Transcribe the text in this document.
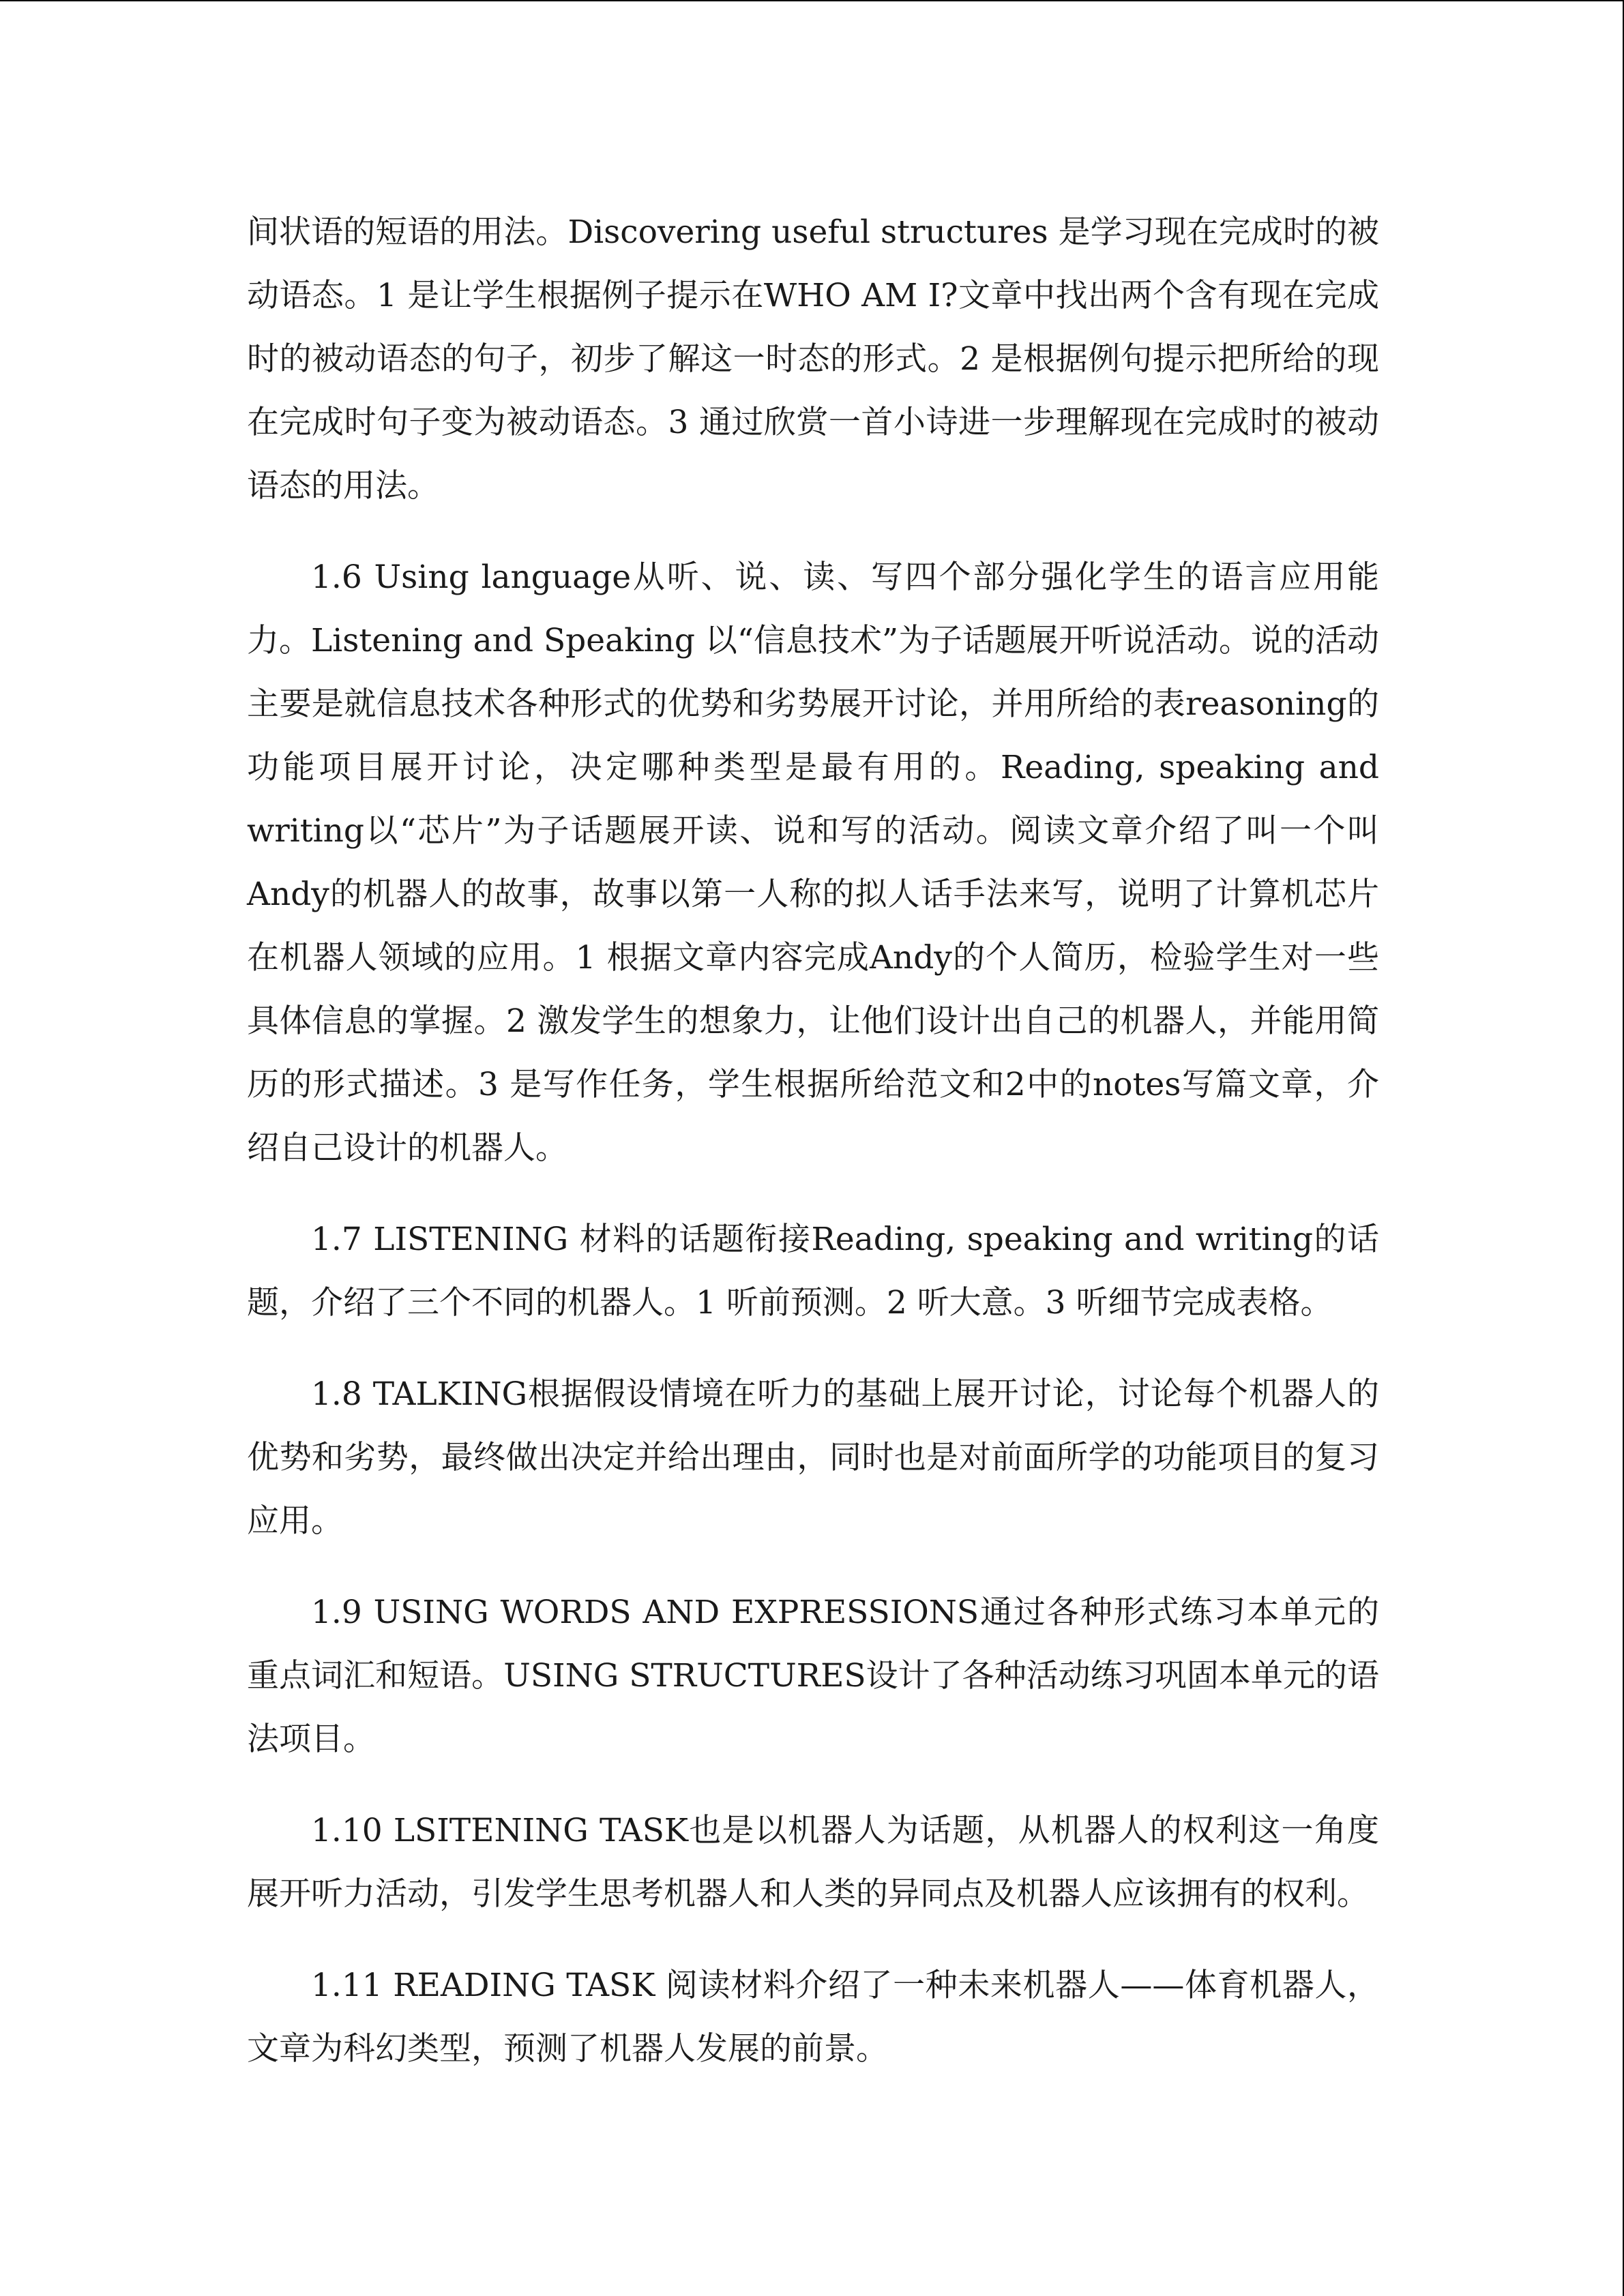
间状语的短语的用法。Discovering useful structures 是学习现在完成时的被动语态。1 是让学生根据例子提示在WHO AM I?文章中找出两个含有现在完成时的被动语态的句子，初步了解这一时态的形式。2 是根据例句提示把所给的现在完成时句子变为被动语态。3 通过欣赏一首小诗进一步理解现在完成时的被动语态的用法。

1.6 Using language从听、说、读、写四个部分强化学生的语言应用能力。Listening and Speaking 以“信息技术”为子话题展开听说活动。说的活动主要是就信息技术各种形式的优势和劣势展开讨论，并用所给的表reasoning的功能项目展开讨论，决定哪种类型是最有用的。Reading, speaking and writing以“芯片”为子话题展开读、说和写的活动。阅读文章介绍了叫一个叫Andy的机器人的故事，故事以第一人称的拟人话手法来写，说明了计算机芯片在机器人领域的应用。1 根据文章内容完成Andy的个人简历，检验学生对一些具体信息的掌握。2 激发学生的想象力，让他们设计出自己的机器人，并能用简历的形式描述。3 是写作任务，学生根据所给范文和2中的notes写篇文章，介绍自己设计的机器人。

1.7 LISTENING 材料的话题衔接Reading, speaking and writing的话题，介绍了三个不同的机器人。1 听前预测。2 听大意。3 听细节完成表格。

1.8 TALKING根据假设情境在听力的基础上展开讨论，讨论每个机器人的优势和劣势，最终做出决定并给出理由，同时也是对前面所学的功能项目的复习应用。

1.9 USING WORDS AND EXPRESSIONS通过各种形式练习本单元的重点词汇和短语。USING STRUCTURES设计了各种活动练习巩固本单元的语法项目。

1.10 LSITENING TASK也是以机器人为话题，从机器人的权利这一角度展开听力活动，引发学生思考机器人和人类的异同点及机器人应该拥有的权利。

1.11 READING TASK 阅读材料介绍了一种未来机器人——体育机器人，文章为科幻类型，预测了机器人发展的前景。
